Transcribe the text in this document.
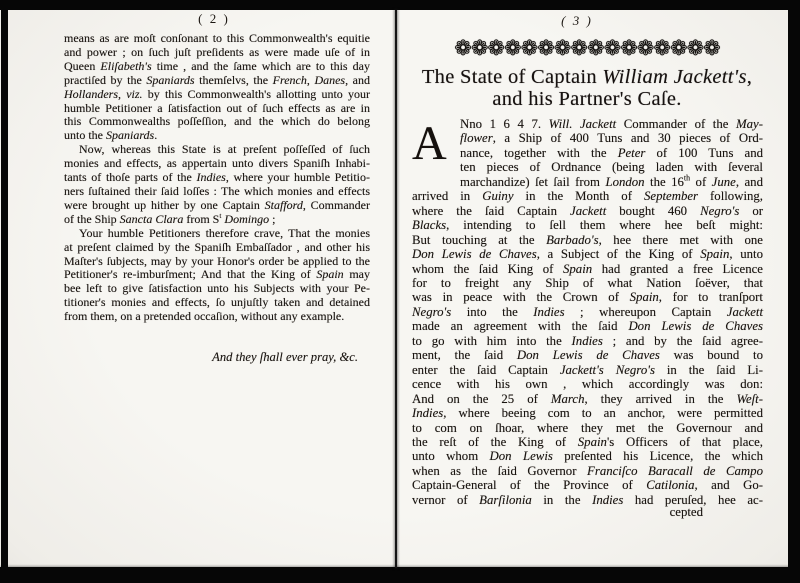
( 2 )
means as are moſt conſonant to this Commonwealth's equitie
and power ; on ſuch juſt preſidents as were made uſe of in
Queen Eliſabeth's time , and the ſame which are to this day
practiſed by the Spaniards themſelvs, the French, Danes, and
Hollanders, viz. by this Commonwealth's allotting unto your
humble Petitioner a ſatisfaction out of ſuch effects as are in
this Commonwealths poſſeſſion, and the which do belong
unto the Spaniards.
Now, whereas this State is at preſent poſſeſſed of ſuch
monies and effects, as appertain unto divers Spaniſh Inhabi-
tants of thoſe parts of the Indies, where your humble Petitio-
ners ſuſtained their ſaid loſſes : The which monies and effects
were brought up hither by one Captain Stafford, Commander
of the Ship Sancta Clara from $S^t$ Domingo ;
Your humble Petitioners therefore crave, That the monies
at preſent claimed by the Spaniſh Embaſſador , and other his
Maſter's ſubjects, may by your Honor's order be applied to the
Petitioner's re-imburſment; And that the King of Spain may
bee left to give ſatisfaction unto his Subjects with your Pe-
titioner's monies and effects, ſo unjuſtly taken and detained
from them, on a pretended occaſion, without any example.
And they ſhall ever pray, &c.
( 3 )
❁❁❁❁❁❁❁❁❁❁❁❁❁❁❁❁
The State of Captain William Jackett's,
and his Partner's Caſe.
A	Nno 1 6 4 7. Will. Jackett Commander of the May-
flower, a Ship of 400 Tuns and 30 pieces of Ord-
nance, together with the Peter of 100 Tuns and
ten pieces of Ordnance (being laden with ſeveral
marchandize) ſet ſail from London the 16th of June, and
arrived in Guiny in the Month of September following,
where the ſaid Captain Jackett bought 460 Negro's or
Blacks, intending to ſell them where hee beſt might:
But touching at the Barbado's, hee there met with one
Don Lewis de Chaves, a Subject of the King of Spain, unto
whom the ſaid King of Spain had granted a free Licence
for to freight any Ship of what Nation ſoëver, that
was in peace with the Crown of Spain, for to tranſport
Negro's into the Indies ; whereupon Captain Jackett
made an agreement with the ſaid Don Lewis de Chaves
to go with him into the Indies ; and by the ſaid agree-
ment, the ſaid Don Lewis de Chaves was bound to
enter the ſaid Captain Jackett's Negro's in the ſaid Li-
cence with his own , which accordingly was don:
And on the 25 of March, they arrived in the Weſt-
Indies, where beeing com to an anchor, were permitted
to com on ſhoar, where they met the Governour and
the reſt of the King of Spain's Officers of that place,
unto whom Don Lewis preſented his Licence, the which
when as the ſaid Governor Franciſco Baracall de Campo
Captain-General of the Province of Catilonia, and Go-
vernor of Barſilonia in the Indies had peruſed, hee ac-
cepted
